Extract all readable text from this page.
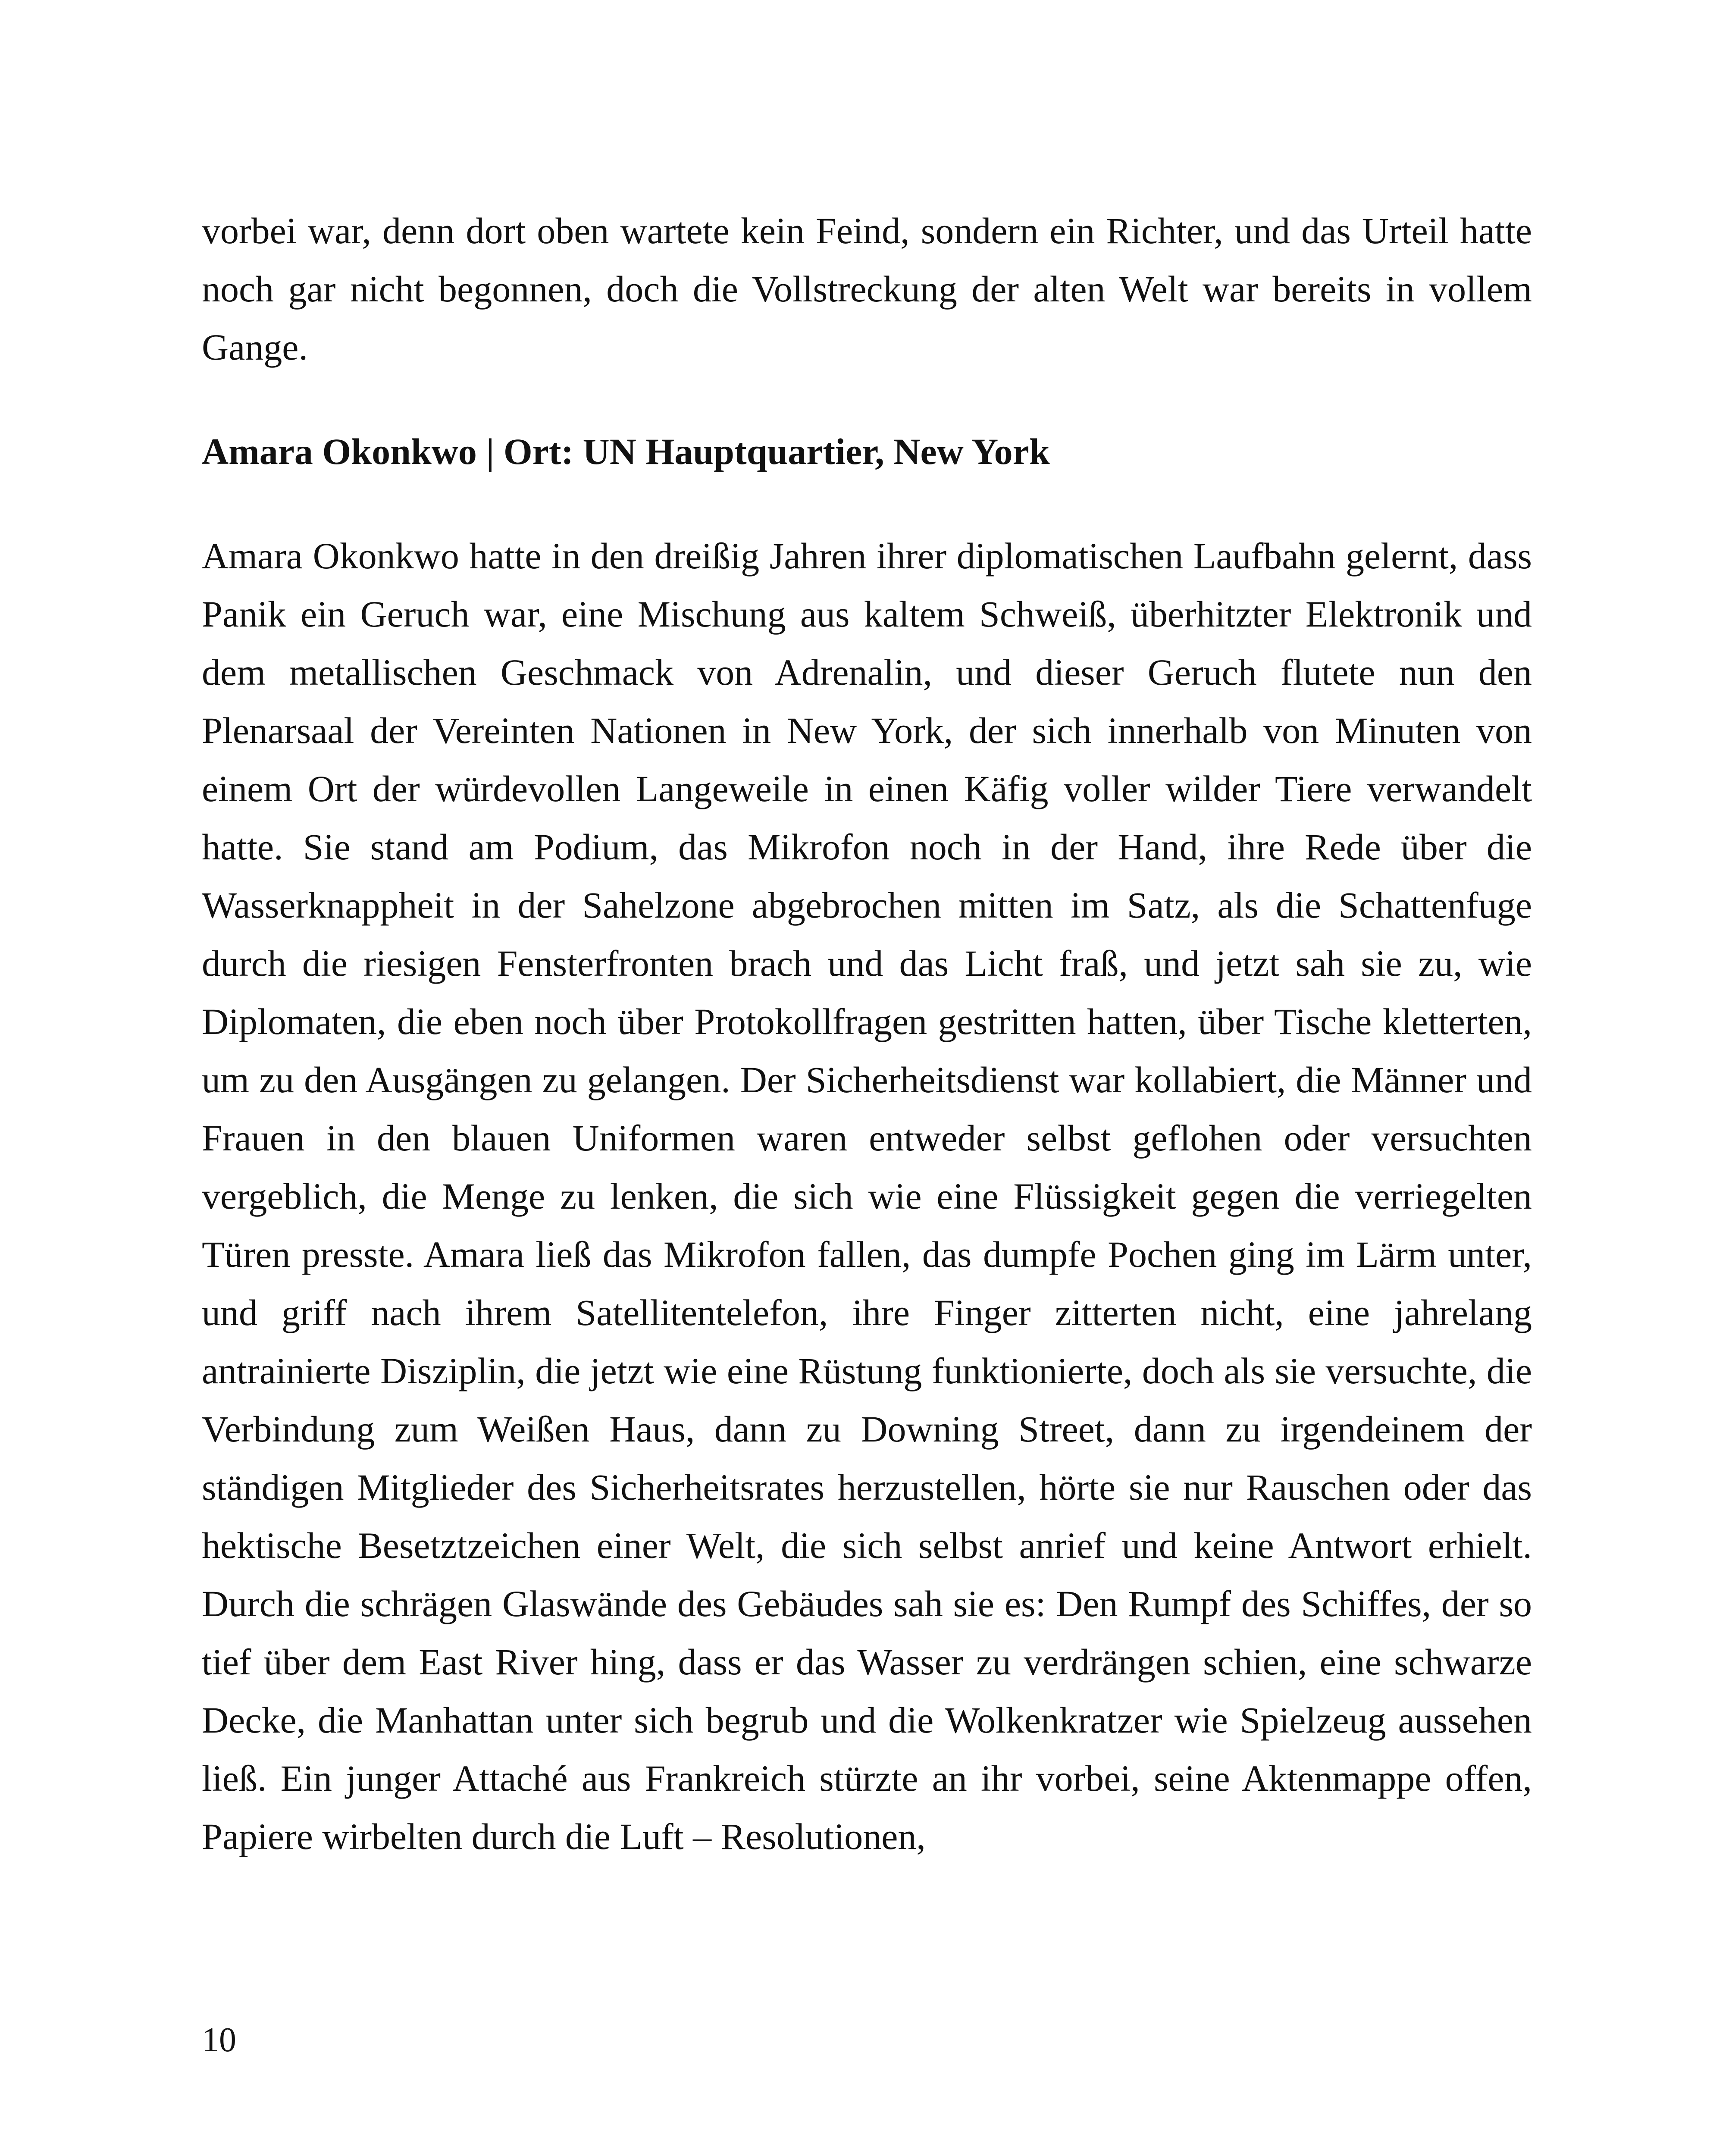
vorbei war, denn dort oben wartete kein Feind, sondern ein Richter, und das Urteil hatte noch gar nicht begonnen, doch die Vollstreckung der alten Welt war bereits in vollem Gange.

Amara Okonkwo | Ort: UN Hauptquartier, New York

Amara Okonkwo hatte in den dreißig Jahren ihrer diplomatischen Laufbahn gelernt, dass Panik ein Geruch war, eine Mischung aus kaltem Schweiß, überhitzter Elektronik und dem metallischen Geschmack von Adrenalin, und dieser Geruch flutete nun den Plenarsaal der Vereinten Nationen in New York, der sich innerhalb von Minuten von einem Ort der würdevollen Langeweile in einen Käfig voller wilder Tiere verwandelt hatte. Sie stand am Podium, das Mikrofon noch in der Hand, ihre Rede über die Wasserknappheit in der Sahelzone abgebrochen mitten im Satz, als die Schattenfuge durch die riesigen Fensterfronten brach und das Licht fraß, und jetzt sah sie zu, wie Diplomaten, die eben noch über Protokollfragen gestritten hatten, über Tische kletterten, um zu den Ausgängen zu gelangen. Der Sicherheitsdienst war kollabiert, die Männer und Frauen in den blauen Uniformen waren entweder selbst geflohen oder versuchten vergeblich, die Menge zu lenken, die sich wie eine Flüssigkeit gegen die verriegelten Türen presste. Amara ließ das Mikrofon fallen, das dumpfe Pochen ging im Lärm unter, und griff nach ihrem Satellitentelefon, ihre Finger zitterten nicht, eine jahrelang antrainierte Disziplin, die jetzt wie eine Rüstung funktionierte, doch als sie versuchte, die Verbindung zum Weißen Haus, dann zu Downing Street, dann zu irgendeinem der ständigen Mitglieder des Sicherheitsrates herzustellen, hörte sie nur Rauschen oder das hektische Besetztzeichen einer Welt, die sich selbst anrief und keine Antwort erhielt. Durch die schrägen Glaswände des Gebäudes sah sie es: Den Rumpf des Schiffes, der so tief über dem East River hing, dass er das Wasser zu verdrängen schien, eine schwarze Decke, die Manhattan unter sich begrub und die Wolkenkratzer wie Spielzeug aussehen ließ. Ein junger Attaché aus Frankreich stürzte an ihr vorbei, seine Aktenmappe offen, Papiere wirbelten durch die Luft – Resolutionen,

10
